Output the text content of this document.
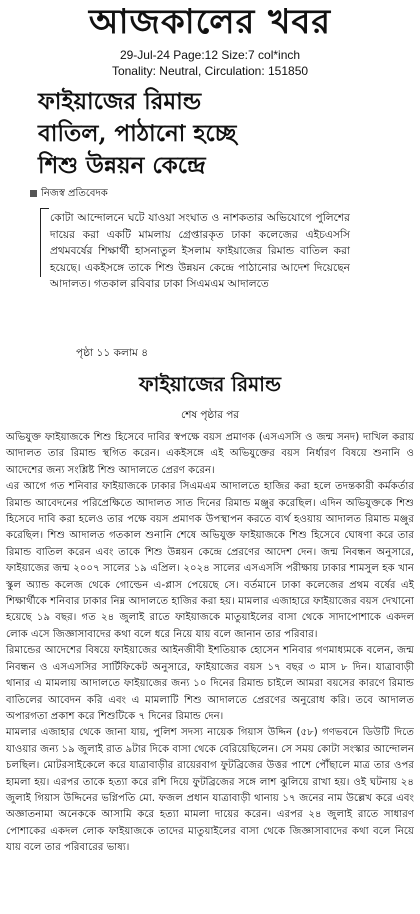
আজকালের খবর
29-Jul-24 Page:12 Size:7 col*inch
Tonality: Neutral, Circulation: 151850
ফাইয়াজের রিমান্ড
বাতিল, পাঠানো হচ্ছে
শিশু উন্নয়ন কেন্দ্রে
নিজস্ব প্রতিবেদক
কোটা আন্দোলনে ঘটে যাওয়া সংঘাত ও নাশকতার অভিযোগে পুলিশের দায়ের করা একটি মামলায় গ্রেপ্তারকৃত ঢাকা কলেজের এইচএসসি প্রথমবর্ষের শিক্ষার্থী হাসনাতুল ইসলাম ফাইয়াজের রিমান্ড বাতিল করা হয়েছে। একইসঙ্গে তাকে শিশু উন্নয়ন কেন্দ্রে পাঠানোর আদেশ দিয়েছেন আদালত। গতকাল রবিবার ঢাকা সিএমএম আদালতে
পৃষ্ঠা ১১ কলাম ৪
ফাইয়াজের রিমান্ড
শেষ পৃষ্ঠার পর

অভিযুক্ত ফাইয়াজকে শিশু হিসেবে দাবির স্বপক্ষে বয়স প্রমাণক (এসএসসি ও জন্ম সনদ) দাখিল করায় আদালত তার রিমান্ড স্থগিত করেন। একইসঙ্গে এই অভিযুক্তের বয়স নির্ধারণ বিষয়ে শুনানি ও আদেশের জন্য সংশ্লিষ্ট শিশু আদালতে প্রেরণ করেন।

এর আগে গত শনিবার ফাইয়াজকে ঢাকার সিএমএম আদালতে হাজির করা হলে তদন্তকারী কর্মকর্তার রিমান্ড আবেদনের পরিপ্রেক্ষিতে আদালত সাত দিনের রিমান্ড মঞ্জুর করেছিল। এদিন অভিযুক্তকে শিশু হিসেবে দাবি করা হলেও তার পক্ষে বয়স প্রমাণক উপস্থাপন করতে ব্যর্থ হওয়ায় আদালত রিমান্ড মঞ্জুর করেছিল। শিশু আদালত গতকাল শুনানি শেষে অভিযুক্ত ফাইয়াজকে শিশু হিসেবে ঘোষণা করে তার রিমান্ড বাতিল করেন এবং তাকে শিশু উন্নয়ন কেন্দ্রে প্রেরণের আদেশ দেন। জন্ম নিবন্ধন অনুসারে, ফাইয়াজের জন্ম ২০০৭ সালের ১৯ এপ্রিল। ২০২৪ সালের এসএসসি পরীক্ষায় ঢাকার শামসুল হক খান স্কুল অ্যান্ড কলেজ থেকে গোল্ডেন এ-প্লাস পেয়েছে সে। বর্তমানে ঢাকা কলেজের প্রথম বর্ষের এই শিক্ষার্থীকে শনিবার ঢাকার নিম্ন আদালতে হাজির করা হয়। মামলার এজাহারে ফাইয়াজের বয়স দেখানো হয়েছে ১৯ বছর। গত ২৪ জুলাই রাতে ফাইয়াজকে মাতুয়াইলের বাসা থেকে সাদাপোশাকে একদল লোক এসে জিজ্ঞাসাবাদের কথা বলে ধরে নিয়ে যায় বলে জানান তার পরিবার।

রিমান্ডের আদেশের বিষয়ে ফাইয়াজের আইনজীবী ইশতিয়াক হোসেন শনিবার গণমাধ্যমকে বলেন, জন্ম নিবন্ধন ও এসএসসির সার্টিফিকেট অনুসারে, ফাইয়াজের বয়স ১৭ বছর ৩ মাস ৮ দিন। যাত্রাবাড়ী থানার এ মামলায় আদালতে ফাইয়াজের জন্য ১০ দিনের রিমান্ড চাইলে আমরা বয়সের কারণে রিমান্ড বাতিলের আবেদন করি এবং এ মামলাটি শিশু আদালতে প্রেরণের অনুরোধ করি। তবে আদালত অপারগতা প্রকাশ করে শিশুটিকে ৭ দিনের রিমান্ড দেন।

মামলার এজাহার থেকে জানা যায়, পুলিশ সদস্য নায়েক গিয়াস উদ্দিন (৫৮) গণভবনে ডিউটি দিতে যাওয়ার জন্য ১৯ জুলাই রাত ৯টার দিকে বাসা থেকে বেরিয়েছিলেন। সে সময় কোটা সংস্কার আন্দোলন চলছিল। মোটরসাইকেলে করে যাত্রাবাড়ীর রায়েরবাগ ফুটব্রিজের উত্তর পাশে পৌঁছালে মাত্র তার ওপর হামলা হয়। এরপর তাকে হত্যা করে রশি দিয়ে ফুটব্রিজের সঙ্গে লাশ ঝুলিয়ে রাখা হয়। ওই ঘটনায় ২৪ জুলাই গিয়াস উদ্দিনের ভগ্নিপতি মো. ফজল প্রধান যাত্রাবাড়ী থানায় ১৭ জনের নাম উল্লেখ করে এবং অজ্ঞাতনামা অনেককে আসামি করে হত্যা মামলা দায়ের করেন। এরপর ২৪ জুলাই রাতে সাধারণ পোশাকের একদল লোক ফাইয়াজকে তাদের মাতুয়াইলের বাসা থেকে জিজ্ঞাসাবাদের কথা বলে নিয়ে যায় বলে তার পরিবারের ভাষ্য।
